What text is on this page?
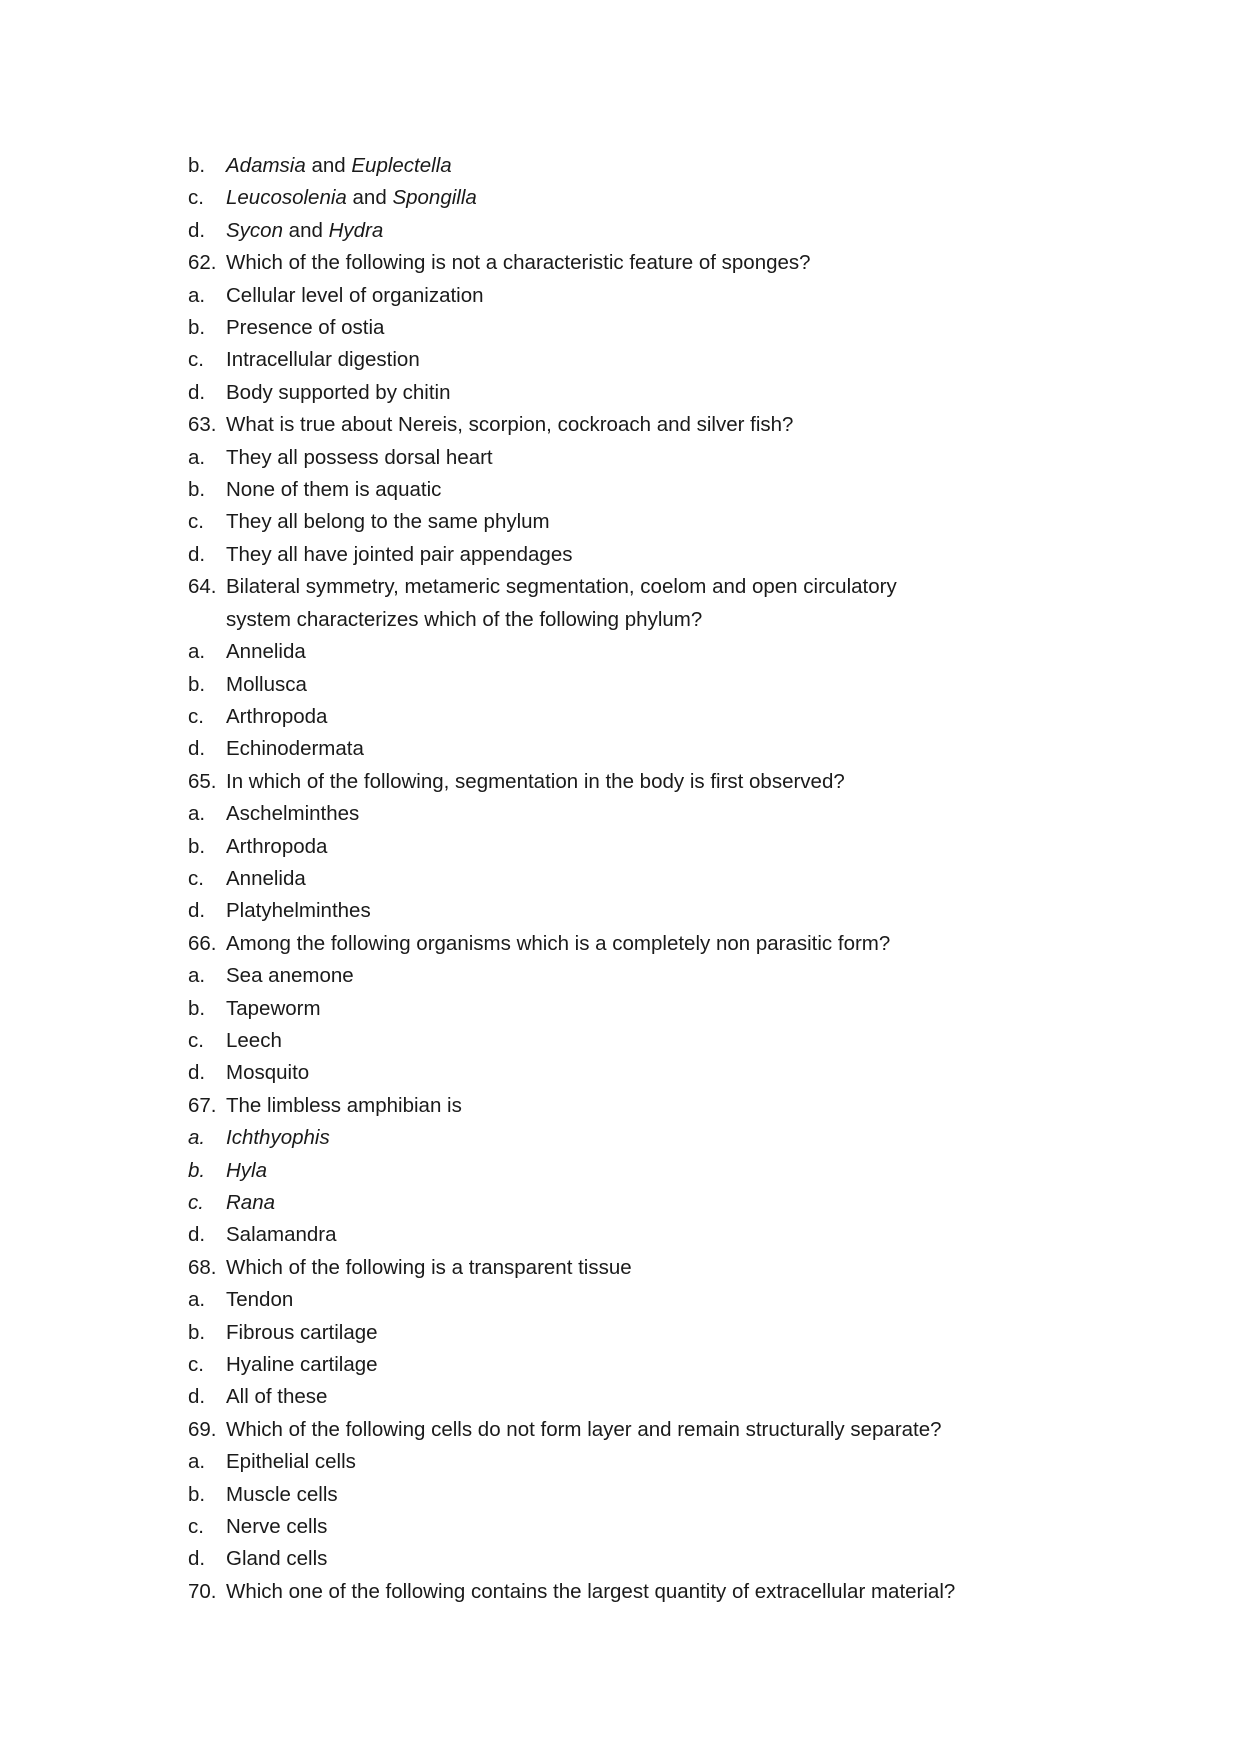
b.	Adamsia and Euplectella
c.	Leucosolenia and Spongilla
d.	Sycon and Hydra
62. Which of the following is not a characteristic feature of sponges?
a.	Cellular level of organization
b.	Presence of ostia
c.	Intracellular digestion
d.	Body supported by chitin
63. What is true about Nereis, scorpion, cockroach and silver fish?
a.	They all possess dorsal heart
b.	None of them is aquatic
c.	They all belong to the same phylum
d.	They all have jointed pair appendages
64. Bilateral symmetry, metameric segmentation, coelom and open circulatory system characterizes which of the following phylum?
a.	Annelida
b.	Mollusca
c.	Arthropoda
d.	Echinodermata
65. In which of the following, segmentation in the body is first observed?
a.	Aschelminthes
b.	Arthropoda
c.	Annelida
d.	Platyhelminthes
66. Among the following organisms which is a completely non parasitic form?
a.	Sea anemone
b.	Tapeworm
c.	Leech
d.	Mosquito
67. The limbless amphibian is
a.	Ichthyophis
b.	Hyla
c.	Rana
d.	Salamandra
68. Which of the following is a transparent tissue
a.	Tendon
b.	Fibrous cartilage
c.	Hyaline cartilage
d.	All of these
69. Which of the following cells do not form layer and remain structurally separate?
a.	Epithelial cells
b.	Muscle cells
c.	Nerve cells
d.	Gland cells
70. Which one of the following contains the largest quantity of extracellular material?
